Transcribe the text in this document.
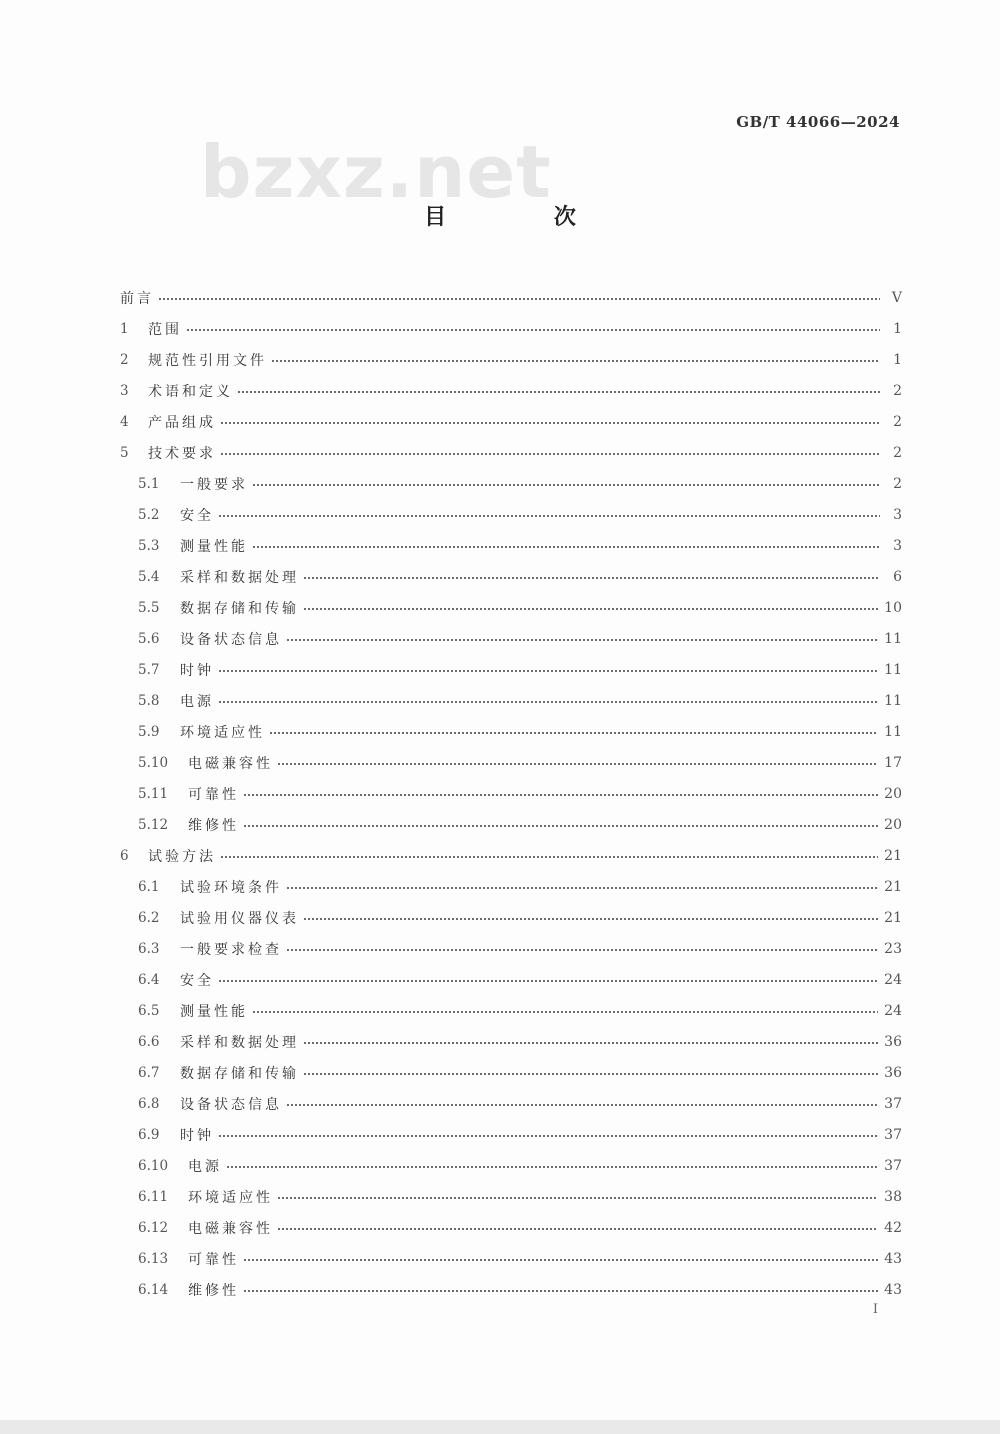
GB/T 44066—2024
bzxz.net
目 次
前言	Ⅴ
1	范围	1
2	规范性引用文件	1
3	术语和定义	2
4	产品组成	2
5	技术要求	2
5.1	一般要求	2
5.2	安全	3
5.3	测量性能	3
5.4	采样和数据处理	6
5.5	数据存储和传输	10
5.6	设备状态信息	11
5.7	时钟	11
5.8	电源	11
5.9	环境适应性	11
5.10	电磁兼容性	17
5.11	可靠性	20
5.12	维修性	20
6	试验方法	21
6.1	试验环境条件	21
6.2	试验用仪器仪表	21
6.3	一般要求检查	23
6.4	安全	24
6.5	测量性能	24
6.6	采样和数据处理	36
6.7	数据存储和传输	36
6.8	设备状态信息	37
6.9	时钟	37
6.10	电源	37
6.11	环境适应性	38
6.12	电磁兼容性	42
6.13	可靠性	43
6.14	维修性	43
I
